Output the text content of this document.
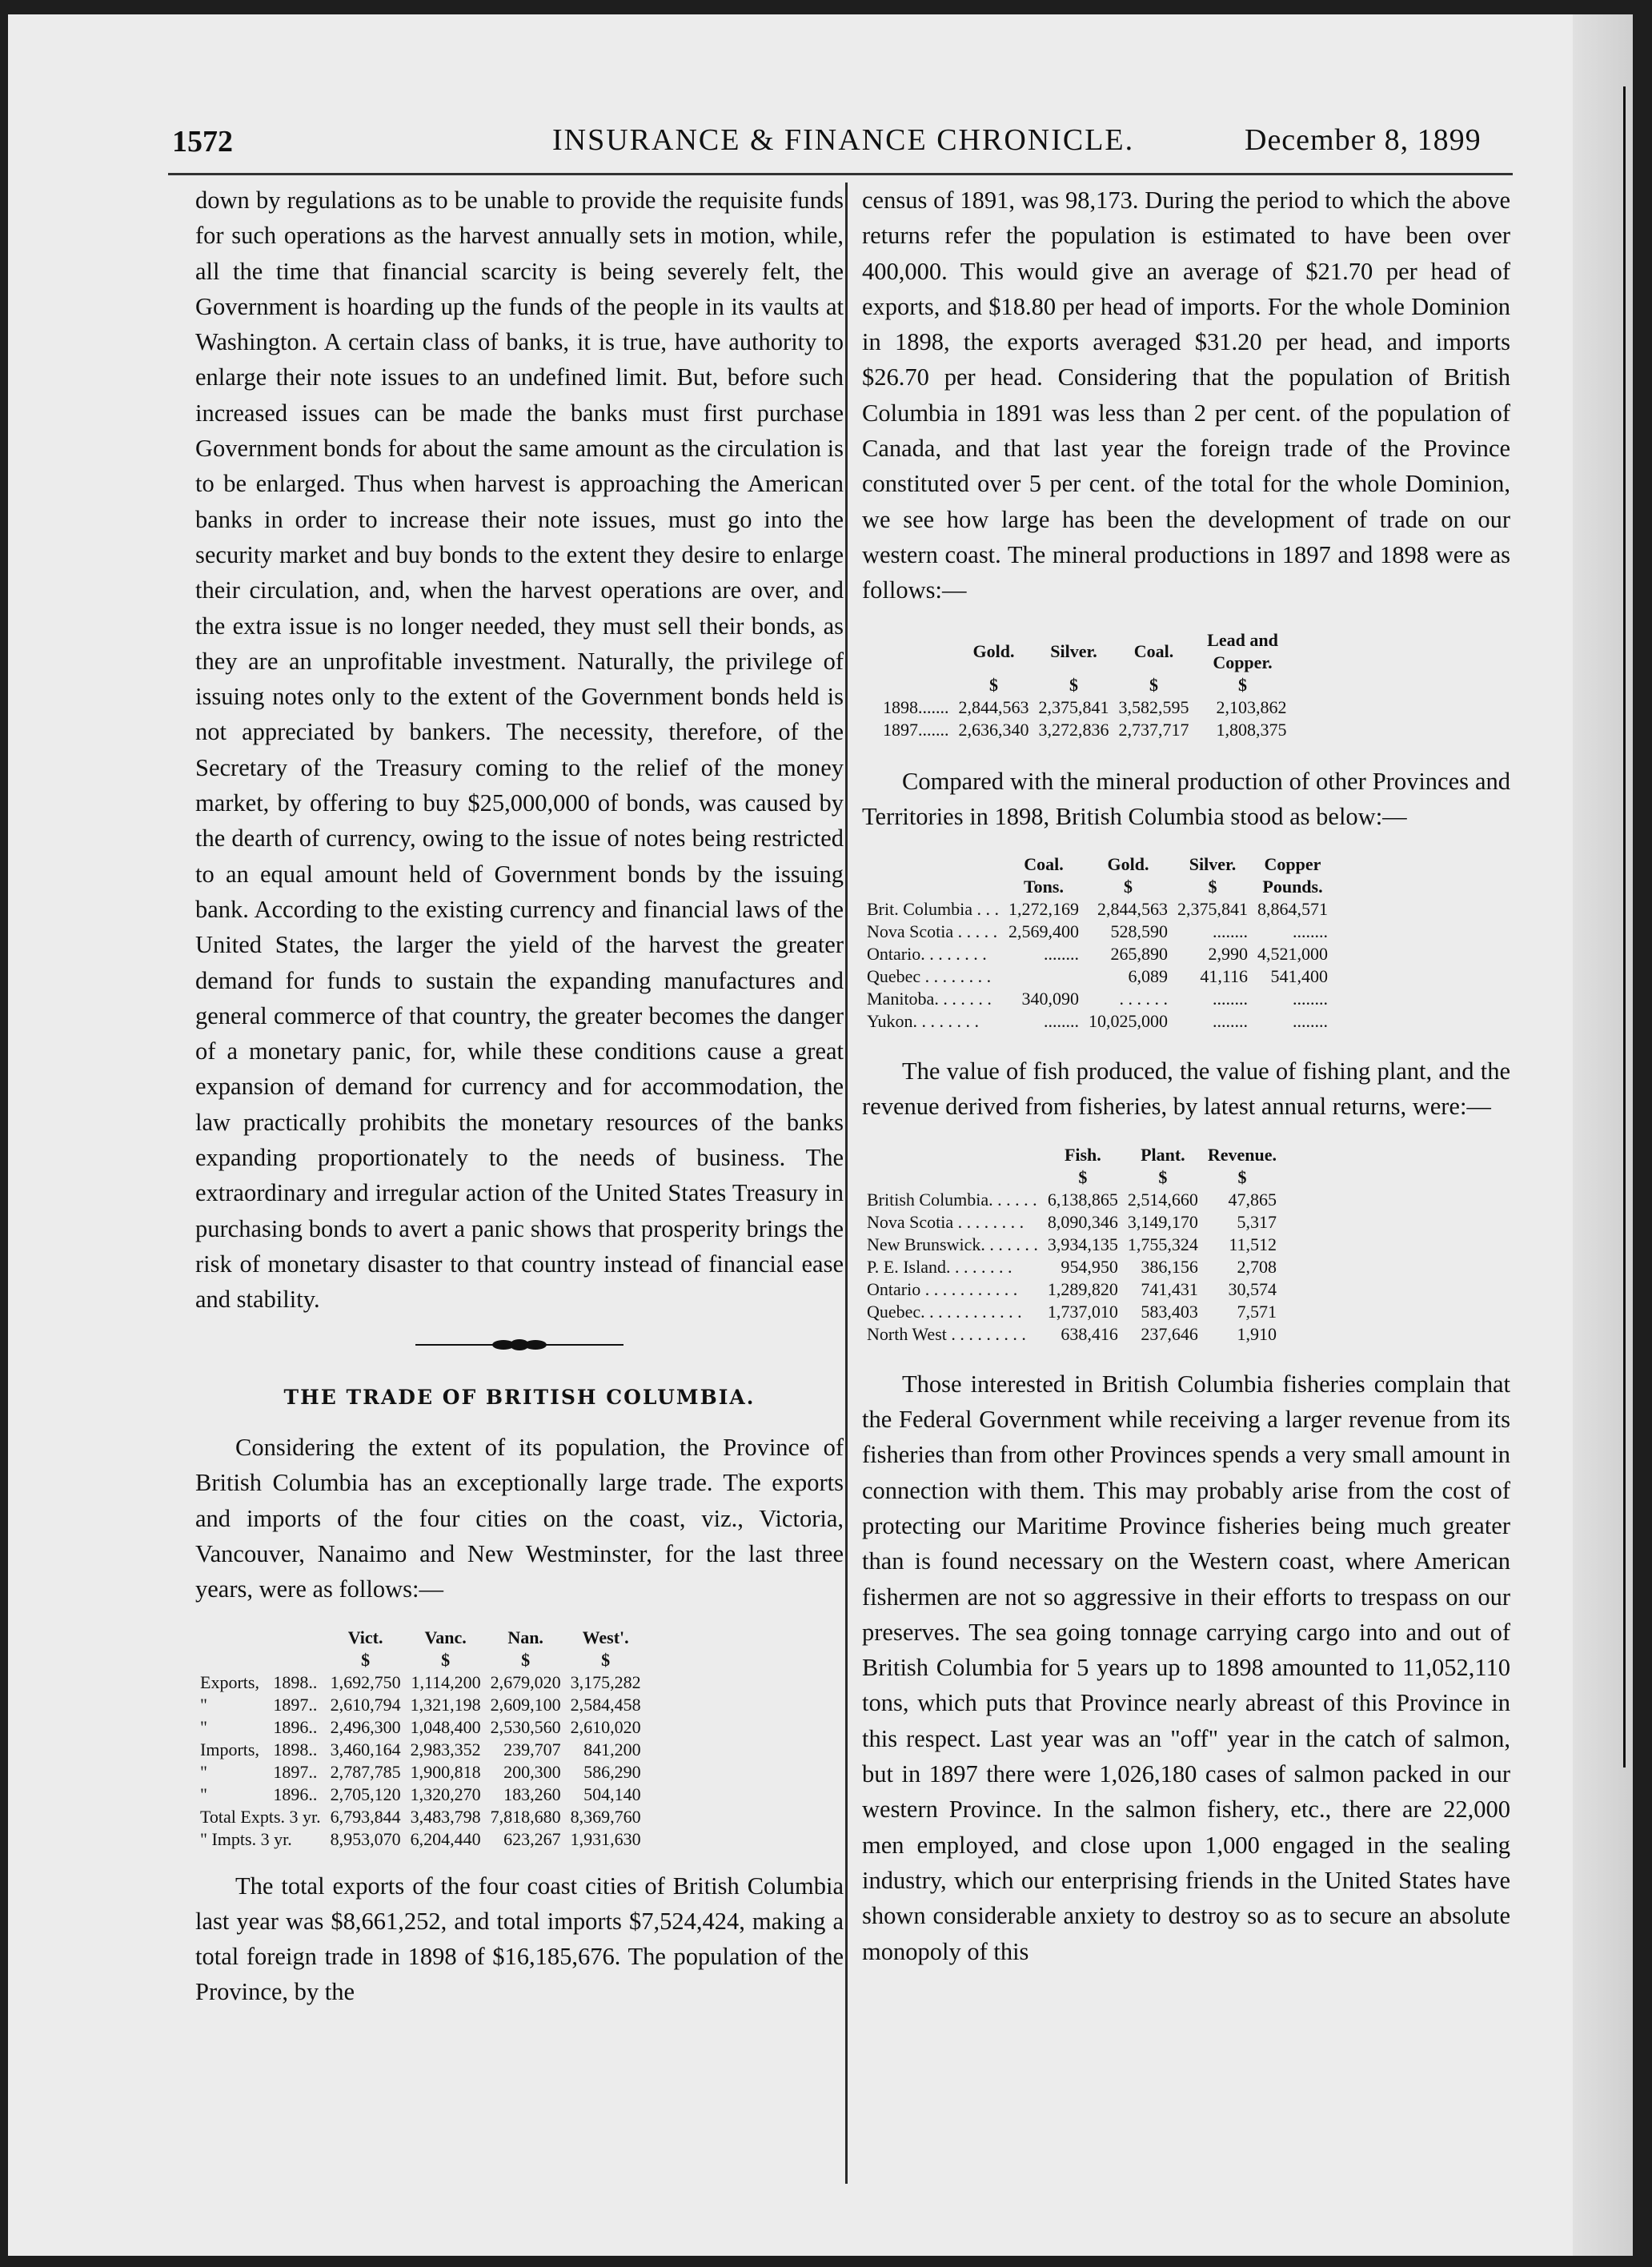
1572	INSURANCE & FINANCE CHRONICLE.	December 8, 1899

down by regulations as to be unable to provide the requisite funds for such operations as the harvest annually sets in motion, while, all the time that financial scarcity is being severely felt, the Government is hoarding up the funds of the people in its vaults at Washington. A certain class of banks, it is true, have authority to enlarge their note issues to an undefined limit. But, before such increased issues can be made the banks must first purchase Government bonds for about the same amount as the circulation is to be enlarged. Thus when harvest is approaching the American banks in order to increase their note issues, must go into the security market and buy bonds to the extent they desire to enlarge their circulation, and, when the harvest operations are over, and the extra issue is no longer needed, they must sell their bonds, as they are an unprofitable investment. Naturally, the privilege of issuing notes only to the extent of the Government bonds held is not appreciated by bankers. The necessity, therefore, of the Secretary of the Treasury coming to the relief of the money market, by offering to buy $25,000,000 of bonds, was caused by the dearth of currency, owing to the issue of notes being restricted to an equal amount held of Government bonds by the issuing bank. According to the existing currency and financial laws of the United States, the larger the yield of the harvest the greater demand for funds to sustain the expanding manufactures and general commerce of that country, the greater becomes the danger of a monetary panic, for, while these conditions cause a great expansion of demand for currency and for accommodation, the law practically prohibits the monetary resources of the banks expanding proportionately to the needs of business. The extraordinary and irregular action of the United States Treasury in purchasing bonds to avert a panic shows that prosperity brings the risk of monetary disaster to that country instead of financial ease and stability.

THE TRADE OF BRITISH COLUMBIA.

Considering the extent of its population, the Province of British Columbia has an exceptionally large trade. The exports and imports of the four cities on the coast, viz., Victoria, Vancouver, Nanaimo and New Westminster, for the last three years, were as follows:—

		Vict.	Vanc.	Nan.	West'.
		$	$	$	$
Exports,	1898..	1,692,750	1,114,200	2,679,020	3,175,282
"	1897..	2,610,794	1,321,198	2,609,100	2,584,458
"	1896..	2,496,300	1,048,400	2,530,560	2,610,020
Imports,	1898..	3,460,164	2,983,352	239,707	841,200
"	1897..	2,787,785	1,900,818	200,300	586,290
"	1896..	2,705,120	1,320,270	183,260	504,140
Total Expts. 3 yr.		6,793,844	3,483,798	7,818,680	8,369,760
" Impts. 3 yr.		8,953,070	6,204,440	623,267	1,931,630

The total exports of the four coast cities of British Columbia last year was $8,661,252, and total imports $7,524,424, making a total foreign trade in 1898 of $16,185,676. The population of the Province, by the

census of 1891, was 98,173. During the period to which the above returns refer the population is estimated to have been over 400,000. This would give an average of $21.70 per head of exports, and $18.80 per head of imports. For the whole Dominion in 1898, the exports averaged $31.20 per head, and imports $26.70 per head. Considering that the population of British Columbia in 1891 was less than 2 per cent. of the population of Canada, and that last year the foreign trade of the Province constituted over 5 per cent. of the total for the whole Dominion, we see how large has been the development of trade on our western coast. The mineral productions in 1897 and 1898 were as follows:—

	Gold.	Silver.	Coal.	Lead and Copper.
	$	$	$	$
1898.......	2,844,563	2,375,841	3,582,595	2,103,862
1897.......	2,636,340	3,272,836	2,737,717	1,808,375

Compared with the mineral production of other Provinces and Territories in 1898, British Columbia stood as below:—

	Coal.	Gold.	Silver.	Copper
	Tons.	$	$	Pounds.
Brit. Columbia . . .	1,272,169	2,844,563	2,375,841	8,864,571
Nova Scotia . . . . .	2,569,400	528,590	........	........
Ontario. . . . . . . .	........	265,890	2,990	4,521,000
Quebec . . . . . . . .		6,089	41,116	541,400
Manitoba. . . . . . .	340,090	. . . . . .	........	........
Yukon. . . . . . . .	........	10,025,000	........	........

The value of fish produced, the value of fishing plant, and the revenue derived from fisheries, by latest annual returns, were:—

	Fish.	Plant.	Revenue.
	$	$	$
British Columbia. . . . . .	6,138,865	2,514,660	47,865
Nova Scotia . . . . . . . .	8,090,346	3,149,170	5,317
New Brunswick. . . . . . .	3,934,135	1,755,324	11,512
P. E. Island. . . . . . . .	954,950	386,156	2,708
Ontario . . . . . . . . . . .	1,289,820	741,431	30,574
Quebec. . . . . . . . . . . .	1,737,010	583,403	7,571
North West . . . . . . . . .	638,416	237,646	1,910

Those interested in British Columbia fisheries complain that the Federal Government while receiving a larger revenue from its fisheries than from other Provinces spends a very small amount in connection with them. This may probably arise from the cost of protecting our Maritime Province fisheries being much greater than is found necessary on the Western coast, where American fishermen are not so aggressive in their efforts to trespass on our preserves. The sea going tonnage carrying cargo into and out of British Columbia for 5 years up to 1898 amounted to 11,052,110 tons, which puts that Province nearly abreast of this Province in this respect. Last year was an "off" year in the catch of salmon, but in 1897 there were 1,026,180 cases of salmon packed in our western Province. In the salmon fishery, etc., there are 22,000 men employed, and close upon 1,000 engaged in the sealing industry, which our enterprising friends in the United States have shown considerable anxiety to destroy so as to secure an absolute monopoly of this
